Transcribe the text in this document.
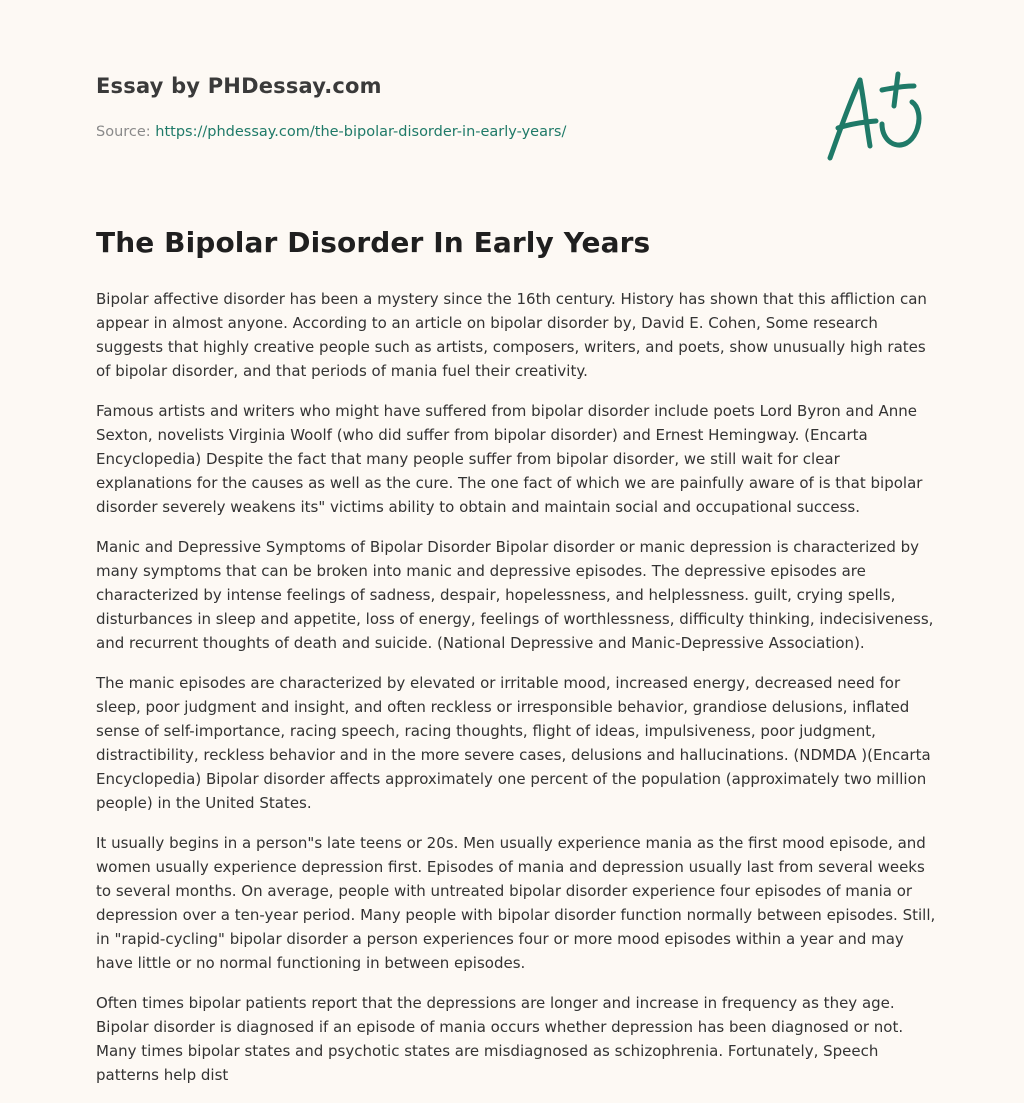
Essay by PHDessay.com
Source: https://phdessay.com/the-bipolar-disorder-in-early-years/
The Bipolar Disorder In Early Years

Bipolar affective disorder has been a mystery since the 16th century. History has shown that this affliction can appear in almost anyone. According to an article on bipolar disorder by, David E. Cohen, Some research suggests that highly creative people such as artists, composers, writers, and poets, show unusually high rates of bipolar disorder, and that periods of mania fuel their creativity.

Famous artists and writers who might have suffered from bipolar disorder include poets Lord Byron and Anne Sexton, novelists Virginia Woolf (who did suffer from bipolar disorder) and Ernest Hemingway. (Encarta Encyclopedia) Despite the fact that many people suffer from bipolar disorder, we still wait for clear explanations for the causes as well as the cure. The one fact of which we are painfully aware of is that bipolar disorder severely weakens its" victims ability to obtain and maintain social and occupational success.

Manic and Depressive Symptoms of Bipolar Disorder Bipolar disorder or manic depression is characterized by many symptoms that can be broken into manic and depressive episodes. The depressive episodes are characterized by intense feelings of sadness, despair, hopelessness, and helplessness. guilt, crying spells, disturbances in sleep and appetite, loss of energy, feelings of worthlessness, difficulty thinking, indecisiveness, and recurrent thoughts of death and suicide. (National Depressive and Manic-Depressive Association).

The manic episodes are characterized by elevated or irritable mood, increased energy, decreased need for sleep, poor judgment and insight, and often reckless or irresponsible behavior, grandiose delusions, inflated sense of self-importance, racing speech, racing thoughts, flight of ideas, impulsiveness, poor judgment, distractibility, reckless behavior and in the more severe cases, delusions and hallucinations. (NDMDA )(Encarta Encyclopedia) Bipolar disorder affects approximately one percent of the population (approximately two million people) in the United States.

It usually begins in a person"s late teens or 20s. Men usually experience mania as the first mood episode, and women usually experience depression first. Episodes of mania and depression usually last from several weeks to several months. On average, people with untreated bipolar disorder experience four episodes of mania or depression over a ten-year period. Many people with bipolar disorder function normally between episodes. Still, in "rapid-cycling" bipolar disorder a person experiences four or more mood episodes within a year and may have little or no normal functioning in between episodes.

Often times bipolar patients report that the depressions are longer and increase in frequency as they age. Bipolar disorder is diagnosed if an episode of mania occurs whether depression has been diagnosed or not. Many times bipolar states and psychotic states are misdiagnosed as schizophrenia. Fortunately, Speech patterns help dist
